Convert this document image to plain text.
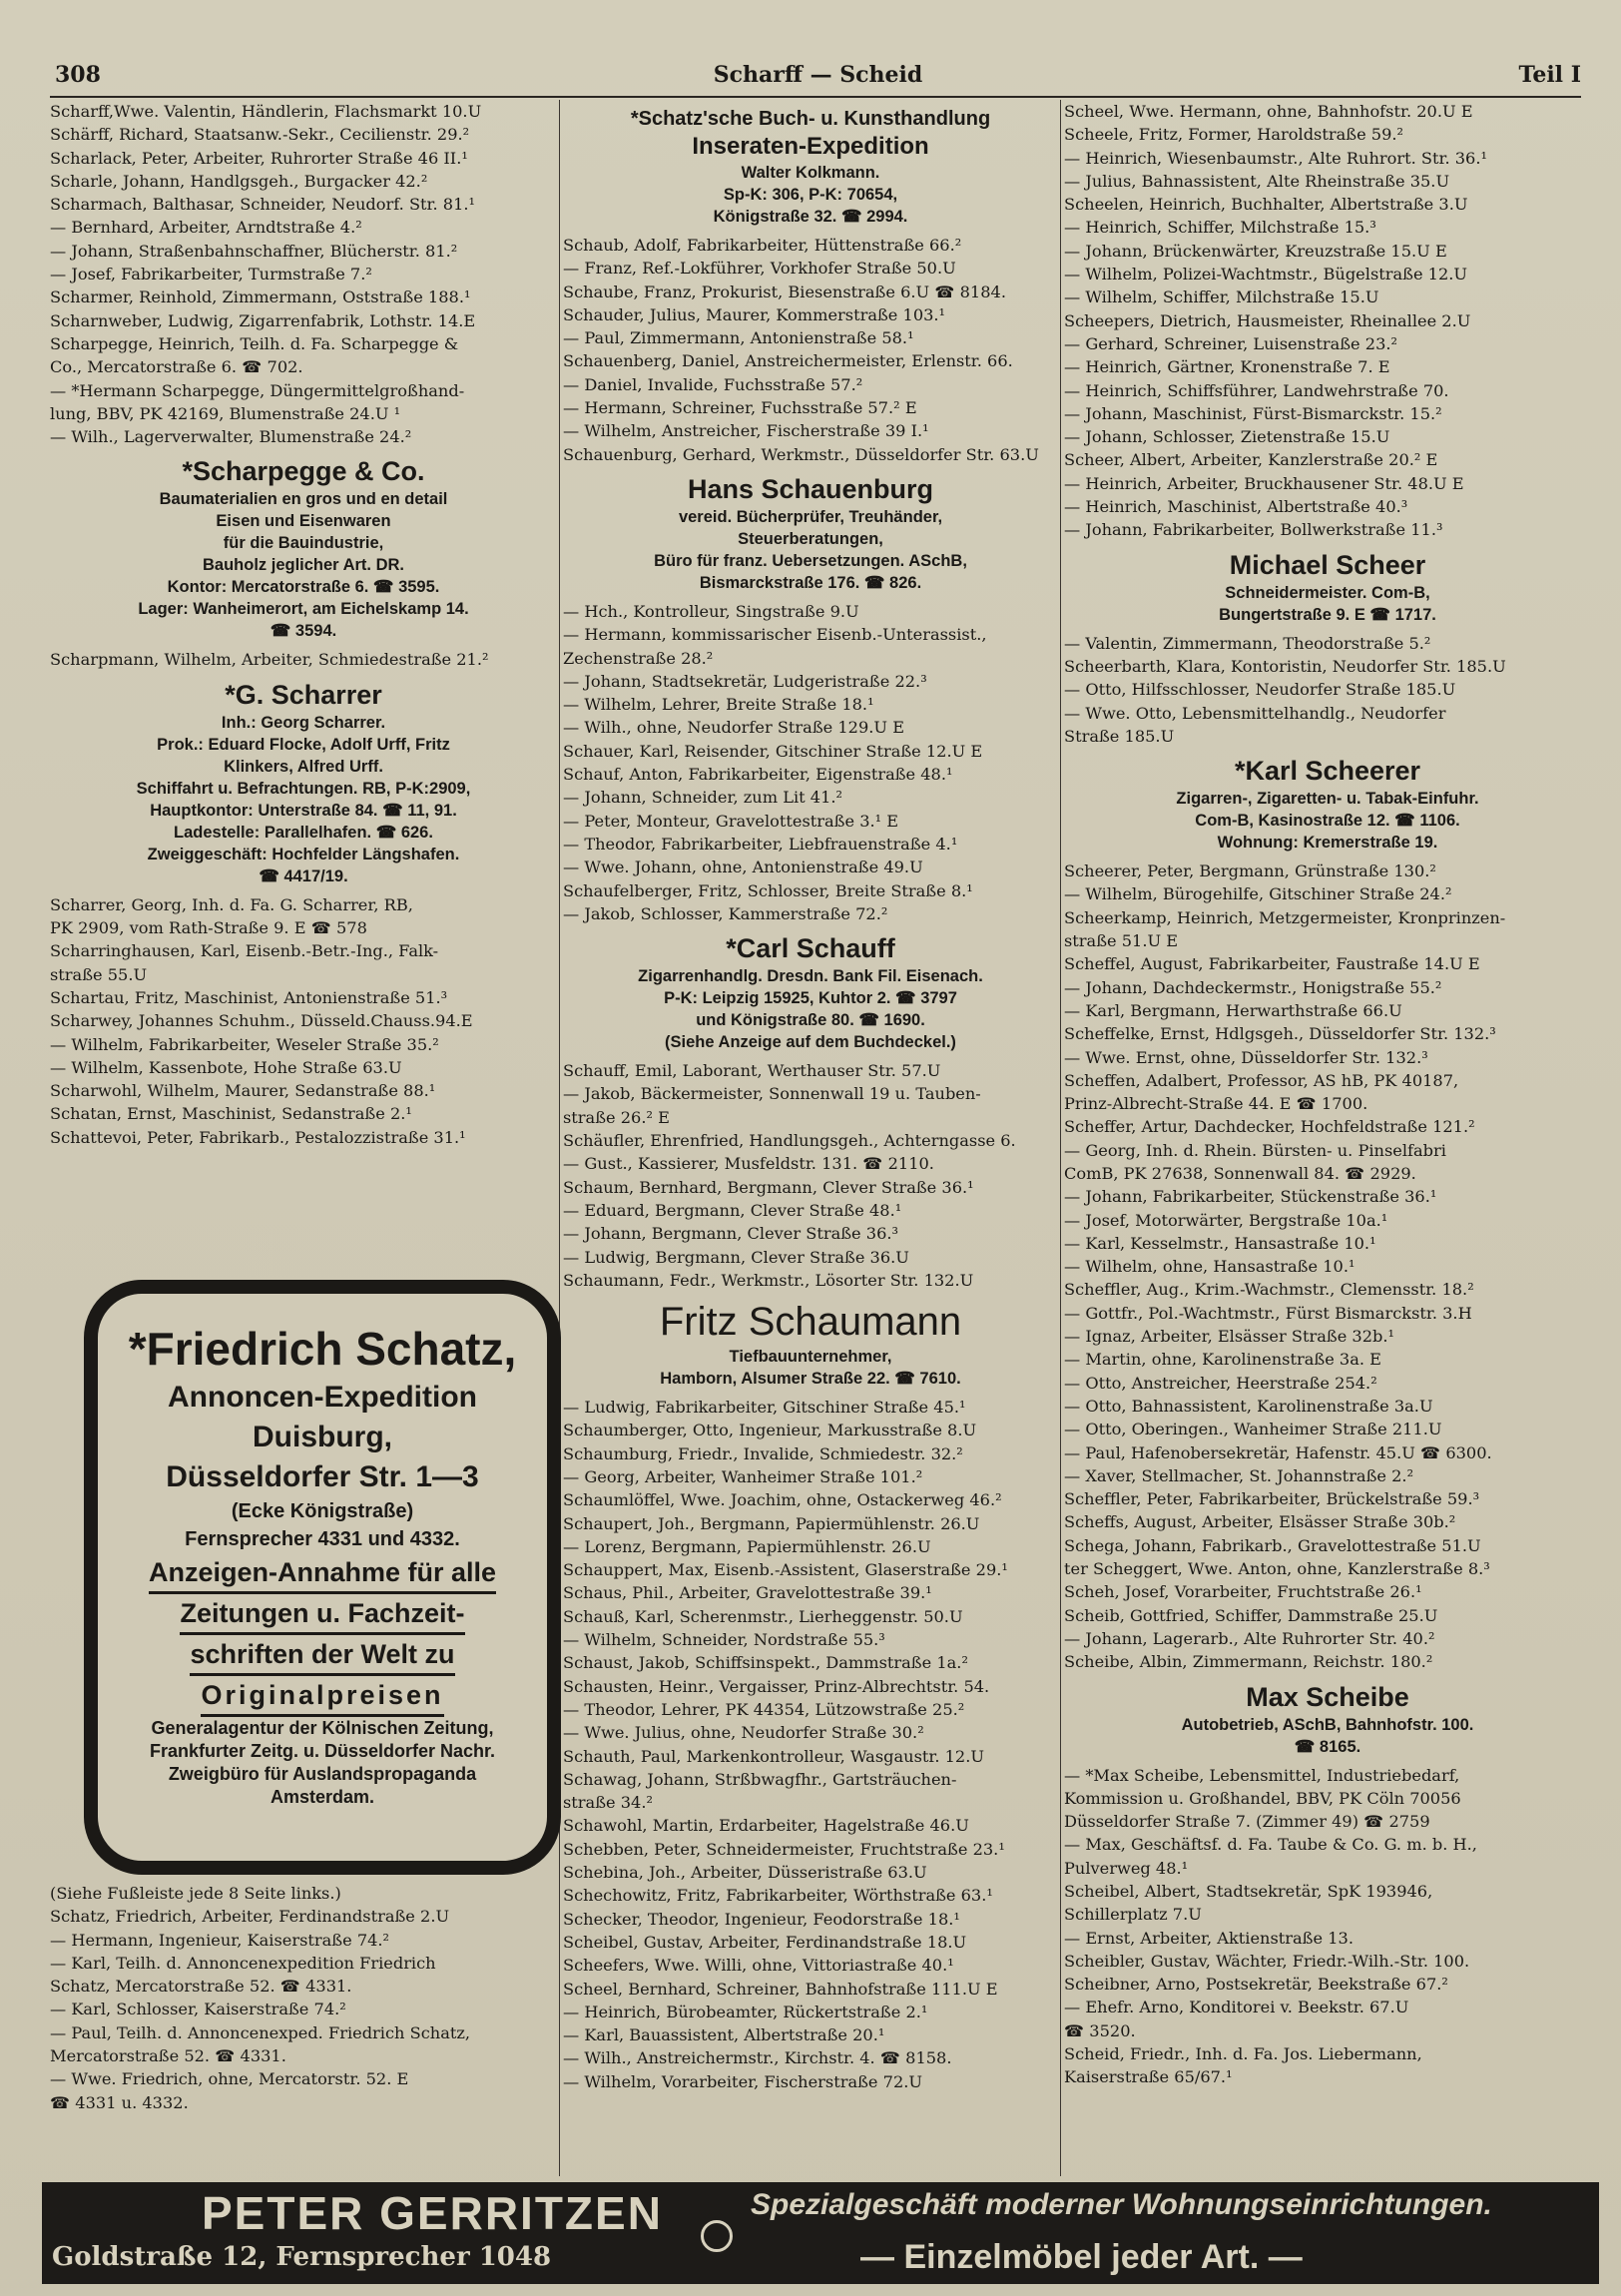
308	Scharff — Scheid	Teil I
Scharff,Wwe. Valentin, Händlerin, Flachsmarkt 10.U
Schärff, Richard, Staatsanw.-Sekr., Cecilienstr. 29.²
Scharlack, Peter, Arbeiter, Ruhrorter Straße 46 II.¹
Scharle, Johann, Handlgsgeh., Burgacker 42.²
Scharmach, Balthasar, Schneider, Neudorf. Str. 81.¹
— Bernhard, Arbeiter, Arndtstraße 4.²
— Johann, Straßenbahnschaffner, Blücherstr. 81.²
— Josef, Fabrikarbeiter, Turmstraße 7.²
Scharmer, Reinhold, Zimmermann, Oststraße 188.¹
Scharnweber, Ludwig, Zigarrenfabrik, Lothstr. 14.E
Scharpegge, Heinrich, Teilh. d. Fa. Scharpegge &
Co., Mercatorstraße 6. ☎ 702.
— *Hermann Scharpegge, Düngermittelgroßhand-
lung, BBV, PK 42169, Blumenstraße 24.U ¹
— Wilh., Lagerverwalter, Blumenstraße 24.²
*Scharpegge & Co.
Baumaterialien en gros und en detail
Eisen und Eisenwaren
für die Bauindustrie,
Bauholz jeglicher Art. DR.
Kontor: Mercatorstraße 6. ☎ 3595.
Lager: Wanheimerort, am Eichelskamp 14.
☎ 3594.
Scharpmann, Wilhelm, Arbeiter, Schmiedestraße 21.²
*G. Scharrer
Inh.: Georg Scharrer.
Prok.: Eduard Flocke, Adolf Urff, Fritz
Klinkers, Alfred Urff.
Schiffahrt u. Befrachtungen. RB, P-K:2909,
Hauptkontor: Unterstraße 84. ☎ 11, 91.
Ladestelle: Parallelhafen. ☎ 626.
Zweiggeschäft: Hochfelder Längshafen.
☎ 4417/19.
Scharrer, Georg, Inh. d. Fa. G. Scharrer, RB,
PK 2909, vom Rath-Straße 9. E ☎ 578
Scharringhausen, Karl, Eisenb.-Betr.-Ing., Falk-
straße 55.U
Schartau, Fritz, Maschinist, Antonienstraße 51.³
Scharwey, Johannes Schuhm., Düsseld.Chauss.94.E
— Wilhelm, Fabrikarbeiter, Weseler Straße 35.²
— Wilhelm, Kassenbote, Hohe Straße 63.U
Scharwohl, Wilhelm, Maurer, Sedanstraße 88.¹
Schatan, Ernst, Maschinist, Sedanstraße 2.¹
Schattevoi, Peter, Fabrikarb., Pestalozzistraße 31.¹
*Friedrich Schatz,
Annoncen-Expedition
Duisburg,
Düsseldorfer Str. 1—3
(Ecke Königstraße)
Fernsprecher 4331 und 4332.
Anzeigen-Annahme für alle
Zeitungen u. Fachzeit-
schriften der Welt zu
Originalpreisen
Generalagentur der Kölnischen Zeitung,
Frankfurter Zeitg. u. Düsseldorfer Nachr.
Zweigbüro für Auslandspropaganda
Amsterdam.
(Siehe Fußleiste jede 8 Seite links.)
Schatz, Friedrich, Arbeiter, Ferdinandstraße 2.U
— Hermann, Ingenieur, Kaiserstraße 74.²
— Karl, Teilh. d. Annoncenexpedition Friedrich
Schatz, Mercatorstraße 52. ☎ 4331.
— Karl, Schlosser, Kaiserstraße 74.²
— Paul, Teilh. d. Annoncenexped. Friedrich Schatz,
Mercatorstraße 52. ☎ 4331.
— Wwe. Friedrich, ohne, Mercatorstr. 52. E
☎ 4331 u. 4332.
*Schatz'sche Buch- u. Kunsthandlung
Inseraten-Expedition
Walter Kolkmann.
Sp-K: 306, P-K: 70654,
Königstraße 32. ☎ 2994.
Schaub, Adolf, Fabrikarbeiter, Hüttenstraße 66.²
— Franz, Ref.-Lokführer, Vorkhofer Straße 50.U
Schaube, Franz, Prokurist, Biesenstraße 6.U ☎ 8184.
Schauder, Julius, Maurer, Kommerstraße 103.¹
— Paul, Zimmermann, Antonienstraße 58.¹
Schauenberg, Daniel, Anstreichermeister, Erlenstr. 66.
— Daniel, Invalide, Fuchsstraße 57.²
— Hermann, Schreiner, Fuchsstraße 57.² E
— Wilhelm, Anstreicher, Fischerstraße 39 I.¹
Schauenburg, Gerhard, Werkmstr., Düsseldorfer Str. 63.U
Hans Schauenburg
vereid. Bücherprüfer, Treuhänder,
Steuerberatungen,
Büro für franz. Uebersetzungen. ASchB,
Bismarckstraße 176. ☎ 826.
— Hch., Kontrolleur, Singstraße 9.U
— Hermann, kommissarischer Eisenb.-Unterassist.,
Zechenstraße 28.²
— Johann, Stadtsekretär, Ludgeristraße 22.³
— Wilhelm, Lehrer, Breite Straße 18.¹
— Wilh., ohne, Neudorfer Straße 129.U E
Schauer, Karl, Reisender, Gitschiner Straße 12.U E
Schauf, Anton, Fabrikarbeiter, Eigenstraße 48.¹
— Johann, Schneider, zum Lit 41.²
— Peter, Monteur, Gravelottestraße 3.¹ E
— Theodor, Fabrikarbeiter, Liebfrauenstraße 4.¹
— Wwe. Johann, ohne, Antonienstraße 49.U
Schaufelberger, Fritz, Schlosser, Breite Straße 8.¹
— Jakob, Schlosser, Kammerstraße 72.²
*Carl Schauff
Zigarrenhandlg. Dresdn. Bank Fil. Eisenach.
P-K: Leipzig 15925, Kuhtor 2. ☎ 3797
und Königstraße 80. ☎ 1690.
(Siehe Anzeige auf dem Buchdeckel.)
Schauff, Emil, Laborant, Werthauser Str. 57.U
— Jakob, Bäckermeister, Sonnenwall 19 u. Tauben-
straße 26.² E
Schäufler, Ehrenfried, Handlungsgeh., Achterngasse 6.
— Gust., Kassierer, Musfeldstr. 131. ☎ 2110.
Schaum, Bernhard, Bergmann, Clever Straße 36.¹
— Eduard, Bergmann, Clever Straße 48.¹
— Johann, Bergmann, Clever Straße 36.³
— Ludwig, Bergmann, Clever Straße 36.U
Schaumann, Fedr., Werkmstr., Lösorter Str. 132.U
Fritz Schaumann
Tiefbauunternehmer,
Hamborn, Alsumer Straße 22. ☎ 7610.
— Ludwig, Fabrikarbeiter, Gitschiner Straße 45.¹
Schaumberger, Otto, Ingenieur, Markusstraße 8.U
Schaumburg, Friedr., Invalide, Schmiedestr. 32.²
— Georg, Arbeiter, Wanheimer Straße 101.²
Schaumlöffel, Wwe. Joachim, ohne, Ostackerweg 46.²
Schaupert, Joh., Bergmann, Papiermühlenstr. 26.U
— Lorenz, Bergmann, Papiermühlenstr. 26.U
Schauppert, Max, Eisenb.-Assistent, Glaserstraße 29.¹
Schaus, Phil., Arbeiter, Gravelottestraße 39.¹
Schauß, Karl, Scherenmstr., Lierheggenstr. 50.U
— Wilhelm, Schneider, Nordstraße 55.³
Schaust, Jakob, Schiffsinspekt., Dammstraße 1a.²
Schausten, Heinr., Vergaisser, Prinz-Albrechtstr. 54.
— Theodor, Lehrer, PK 44354, Lützowstraße 25.²
— Wwe. Julius, ohne, Neudorfer Straße 30.²
Schauth, Paul, Markenkontrolleur, Wasgaustr. 12.U
Schawag, Johann, Strßbwagfhr., Gartsträuchen-
straße 34.²
Schawohl, Martin, Erdarbeiter, Hagelstraße 46.U
Schebben, Peter, Schneidermeister, Fruchtstraße 23.¹
Schebina, Joh., Arbeiter, Düsseristraße 63.U
Schechowitz, Fritz, Fabrikarbeiter, Wörthstraße 63.¹
Schecker, Theodor, Ingenieur, Feodorstraße 18.¹
Scheibel, Gustav, Arbeiter, Ferdinandstraße 18.U
Scheefers, Wwe. Willi, ohne, Vittoriastraße 40.¹
Scheel, Bernhard, Schreiner, Bahnhofstraße 111.U E
— Heinrich, Bürobeamter, Rückertstraße 2.¹
— Karl, Bauassistent, Albertstraße 20.¹
— Wilh., Anstreichermstr., Kirchstr. 4. ☎ 8158.
— Wilhelm, Vorarbeiter, Fischerstraße 72.U
Scheel, Wwe. Hermann, ohne, Bahnhofstr. 20.U E
Scheele, Fritz, Former, Haroldstraße 59.²
— Heinrich, Wiesenbaumstr., Alte Ruhrort. Str. 36.¹
— Julius, Bahnassistent, Alte Rheinstraße 35.U
Scheelen, Heinrich, Buchhalter, Albertstraße 3.U
— Heinrich, Schiffer, Milchstraße 15.³
— Johann, Brückenwärter, Kreuzstraße 15.U E
— Wilhelm, Polizei-Wachtmstr., Bügelstraße 12.U
— Wilhelm, Schiffer, Milchstraße 15.U
Scheepers, Dietrich, Hausmeister, Rheinallee 2.U
— Gerhard, Schreiner, Luisenstraße 23.²
— Heinrich, Gärtner, Kronenstraße 7. E
— Heinrich, Schiffsführer, Landwehrstraße 70.
— Johann, Maschinist, Fürst-Bismarckstr. 15.²
— Johann, Schlosser, Zietenstraße 15.U
Scheer, Albert, Arbeiter, Kanzlerstraße 20.² E
— Heinrich, Arbeiter, Bruckhausener Str. 48.U E
— Heinrich, Maschinist, Albertstraße 40.³
— Johann, Fabrikarbeiter, Bollwerkstraße 11.³
Michael Scheer
Schneidermeister. Com-B,
Bungertstraße 9. E ☎ 1717.
— Valentin, Zimmermann, Theodorstraße 5.²
Scheerbarth, Klara, Kontoristin, Neudorfer Str. 185.U
— Otto, Hilfsschlosser, Neudorfer Straße 185.U
— Wwe. Otto, Lebensmittelhandlg., Neudorfer
Straße 185.U
*Karl Scheerer
Zigarren-, Zigaretten- u. Tabak-Einfuhr.
Com-B, Kasinostraße 12. ☎ 1106.
Wohnung: Kremerstraße 19.
Scheerer, Peter, Bergmann, Grünstraße 130.²
— Wilhelm, Bürogehilfe, Gitschiner Straße 24.²
Scheerkamp, Heinrich, Metzgermeister, Kronprinzen-
straße 51.U E
Scheffel, August, Fabrikarbeiter, Faustraße 14.U E
— Johann, Dachdeckermstr., Honigstraße 55.²
— Karl, Bergmann, Herwarthstraße 66.U
Scheffelke, Ernst, Hdlgsgeh., Düsseldorfer Str. 132.³
— Wwe. Ernst, ohne, Düsseldorfer Str. 132.³
Scheffen, Adalbert, Professor, AS hB, PK 40187,
Prinz-Albrecht-Straße 44. E ☎ 1700.
Scheffer, Artur, Dachdecker, Hochfeldstraße 121.²
— Georg, Inh. d. Rhein. Bürsten- u. Pinselfabri
ComB, PK 27638, Sonnenwall 84. ☎ 2929.
— Johann, Fabrikarbeiter, Stückenstraße 36.¹
— Josef, Motorwärter, Bergstraße 10a.¹
— Karl, Kesselmstr., Hansastraße 10.¹
— Wilhelm, ohne, Hansastraße 10.¹
Scheffler, Aug., Krim.-Wachmstr., Clemensstr. 18.²
— Gottfr., Pol.-Wachtmstr., Fürst Bismarckstr. 3.H
— Ignaz, Arbeiter, Elsässer Straße 32b.¹
— Martin, ohne, Karolinenstraße 3a. E
— Otto, Anstreicher, Heerstraße 254.²
— Otto, Bahnassistent, Karolinenstraße 3a.U
— Otto, Oberingen., Wanheimer Straße 211.U
— Paul, Hafenobersekretär, Hafenstr. 45.U ☎ 6300.
— Xaver, Stellmacher, St. Johannstraße 2.²
Scheffler, Peter, Fabrikarbeiter, Brückelstraße 59.³
Scheffs, August, Arbeiter, Elsässer Straße 30b.²
Schega, Johann, Fabrikarb., Gravelottestraße 51.U
ter Scheggert, Wwe. Anton, ohne, Kanzlerstraße 8.³
Scheh, Josef, Vorarbeiter, Fruchtstraße 26.¹
Scheib, Gottfried, Schiffer, Dammstraße 25.U
— Johann, Lagerarb., Alte Ruhrorter Str. 40.²
Scheibe, Albin, Zimmermann, Reichstr. 180.²
Max Scheibe
Autobetrieb, ASchB, Bahnhofstr. 100.
☎ 8165.
— *Max Scheibe, Lebensmittel, Industriebedarf,
Kommission u. Großhandel, BBV, PK Cöln 70056
Düsseldorfer Straße 7. (Zimmer 49) ☎ 2759
— Max, Geschäftsf. d. Fa. Taube & Co. G. m. b. H.,
Pulverweg 48.¹
Scheibel, Albert, Stadtsekretär, SpK 193946,
Schillerplatz 7.U
— Ernst, Arbeiter, Aktienstraße 13.
Scheibler, Gustav, Wächter, Friedr.-Wilh.-Str. 100.
Scheibner, Arno, Postsekretär, Beekstraße 67.²
— Ehefr. Arno, Konditorei v. Beekstr. 67.U
☎ 3520.
Scheid, Friedr., Inh. d. Fa. Jos. Liebermann,
Kaiserstraße 65/67.¹
PETER GERRITZEN
Goldstraße 12, Fernsprecher 1048
Spezialgeschäft moderner Wohnungseinrichtungen.
— Einzelmöbel jeder Art. —
